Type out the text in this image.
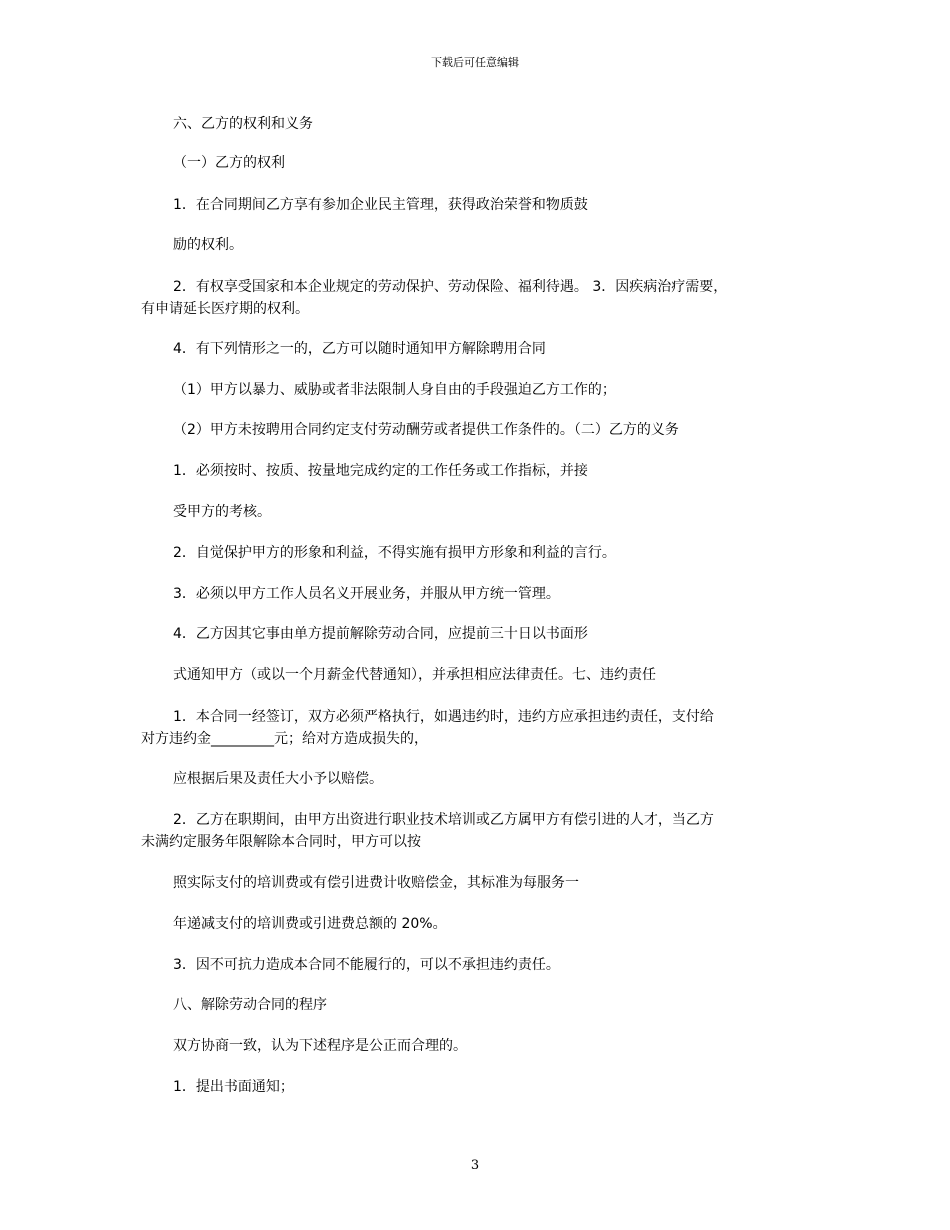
下载后可任意编辑
六、乙方的权利和义务
（一）乙方的权利
1．在合同期间乙方享有参加企业民主管理，获得政治荣誉和物质鼓
励的权利。
2．有权享受国家和本企业规定的劳动保护、劳动保险、福利待遇。 3．因疾病治疗需要，
有申请延长医疗期的权利。
4．有下列情形之一的，乙方可以随时通知甲方解除聘用合同
（1）甲方以暴力、威胁或者非法限制人身自由的手段强迫乙方工作的；
（2）甲方未按聘用合同约定支付劳动酬劳或者提供工作条件的。（二）乙方的义务
1．必须按时、按质、按量地完成约定的工作任务或工作指标，并接
受甲方的考核。
2．自觉保护甲方的形象和利益，不得实施有损甲方形象和利益的言行。
3．必须以甲方工作人员名义开展业务，并服从甲方统一管理。
4．乙方因其它事由单方提前解除劳动合同，应提前三十日以书面形
式通知甲方（或以一个月薪金代替通知），并承担相应法律责任。七、违约责任
1．本合同一经签订，双方必须严格执行，如遇违约时，违约方应承担违约责任，支付给
对方违约金_________元；给对方造成损失的，
应根据后果及责任大小予以赔偿。
2．乙方在职期间，由甲方出资进行职业技术培训或乙方属甲方有偿引进的人才，当乙方
未满约定服务年限解除本合同时，甲方可以按
照实际支付的培训费或有偿引进费计收赔偿金，其标准为每服务一
年递减支付的培训费或引进费总额的 20%。
3．因不可抗力造成本合同不能履行的，可以不承担违约责任。
八、解除劳动合同的程序
双方协商一致，认为下述程序是公正而合理的。
1．提出书面通知；
3
